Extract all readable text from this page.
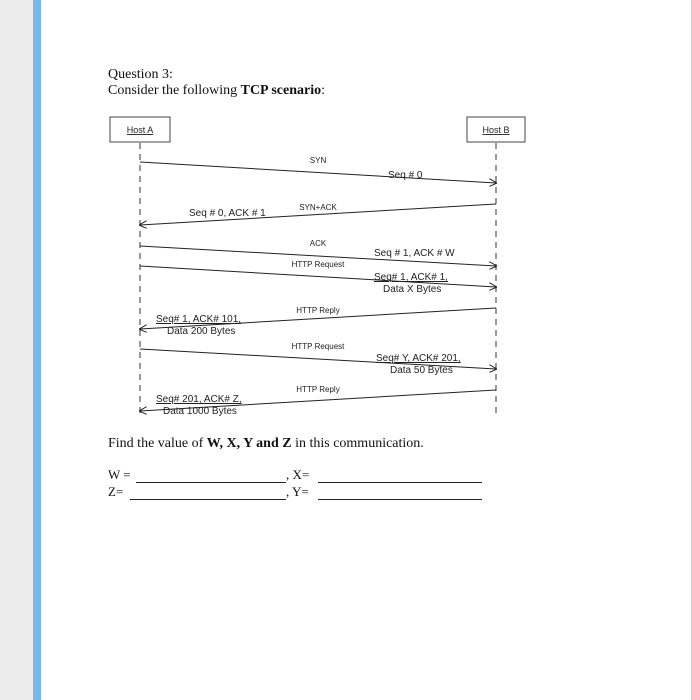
Question 3:
Consider the following TCP scenario:
Host A	Host B
SYN
SYN+ACK
ACK
HTTP Request
HTTP Reply
HTTP Request
HTTP Reply
Seq # 0
Seq # 0, ACK # 1
Seq # 1, ACK # W
Seq# 1, ACK# 1,
Data X Bytes
Seq# 1, ACK# 101,
Data 200 Bytes
Seq# Y, ACK# 201,
Data 50 Bytes
Seq# 201, ACK# Z,
Data 1000 Bytes
Find the value of W, X, Y and Z in this communication.
W =	, X=
Z=	, Y=
